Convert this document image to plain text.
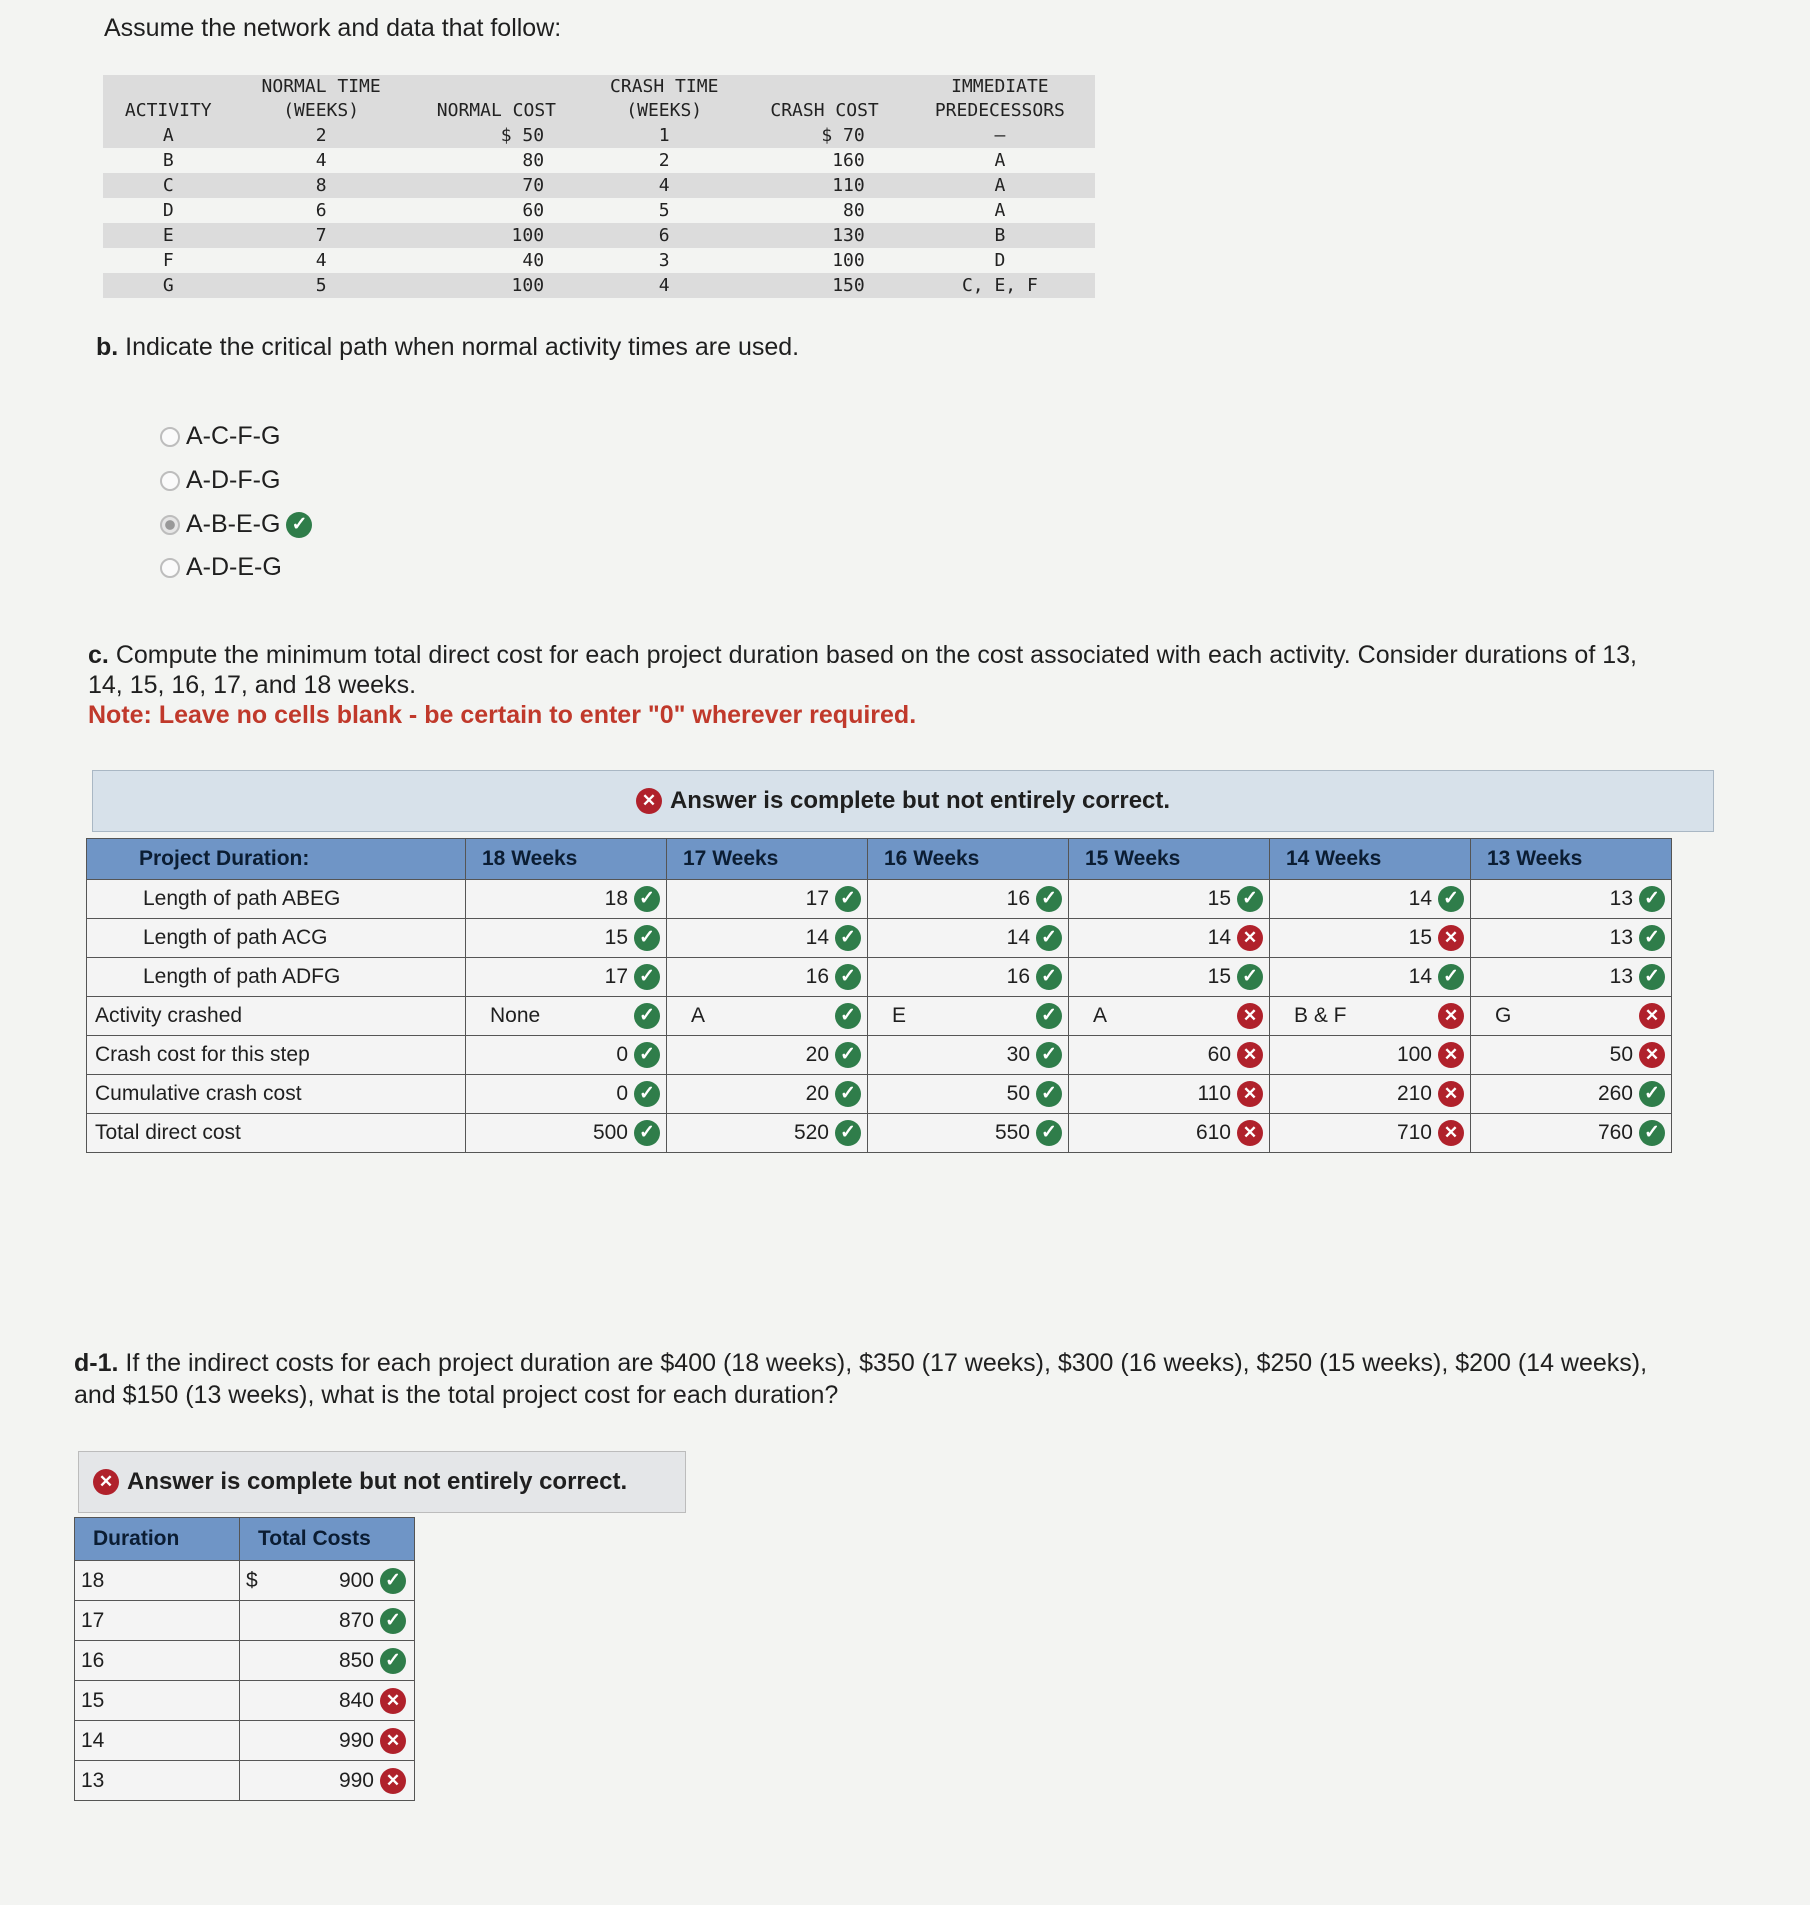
Assume the network and data that follow:
ACTIVITY	NORMAL TIME
(WEEKS)	NORMAL COST	CRASH TIME
(WEEKS)	CRASH COST	IMMEDIATE
PREDECESSORS
A	2	$ 50	1	$ 70	—
B	4	80	2	160	A
C	8	70	4	110	A
D	6	60	5	80	A
E	7	100	6	130	B
F	4	40	3	100	D
G	5	100	4	150	C, E, F
b. Indicate the critical path when normal activity times are used.
A-C-F-G
A-D-F-G
A-B-E-G ✓
A-D-E-G
c. Compute the minimum total direct cost for each project duration based on the cost associated with each activity. Consider durations of 13, 14, 15, 16, 17, and 18 weeks.
Note: Leave no cells blank - be certain to enter "0" wherever required.
✕ Answer is complete but not entirely correct.
Project Duration:	18 Weeks	17 Weeks	16 Weeks	15 Weeks	14 Weeks	13 Weeks
Length of path ABEG	18 ✓	17 ✓	16 ✓	15 ✓	14 ✓	13 ✓

Length of path ACG	15 ✓	14 ✓	14 ✓	14 ✕	15 ✕	13 ✓

Length of path ADFG	17 ✓	16 ✓	16 ✓	15 ✓	14 ✓	13 ✓

Activity crashed	None ✓	A ✓	E ✓	A ✕	B & F ✕	G ✕

Crash cost for this step	0 ✓	20 ✓	30 ✓	60 ✕	100 ✕	50 ✕

Cumulative crash cost	0 ✓	20 ✓	50 ✓	110 ✕	210 ✕	260 ✓

Total direct cost	500 ✓	520 ✓	550 ✓	610 ✕	710 ✕	760 ✓
d-1. If the indirect costs for each project duration are $400 (18 weeks), $350 (17 weeks), $300 (16 weeks), $250 (15 weeks), $200 (14 weeks), and $150 (13 weeks), what is the total project cost for each duration?
✕ Answer is complete but not entirely correct.
Duration	Total Costs
18	$ 900 ✓

17	870 ✓

16	850 ✓

15	840 ✕

14	990 ✕

13	990 ✕
